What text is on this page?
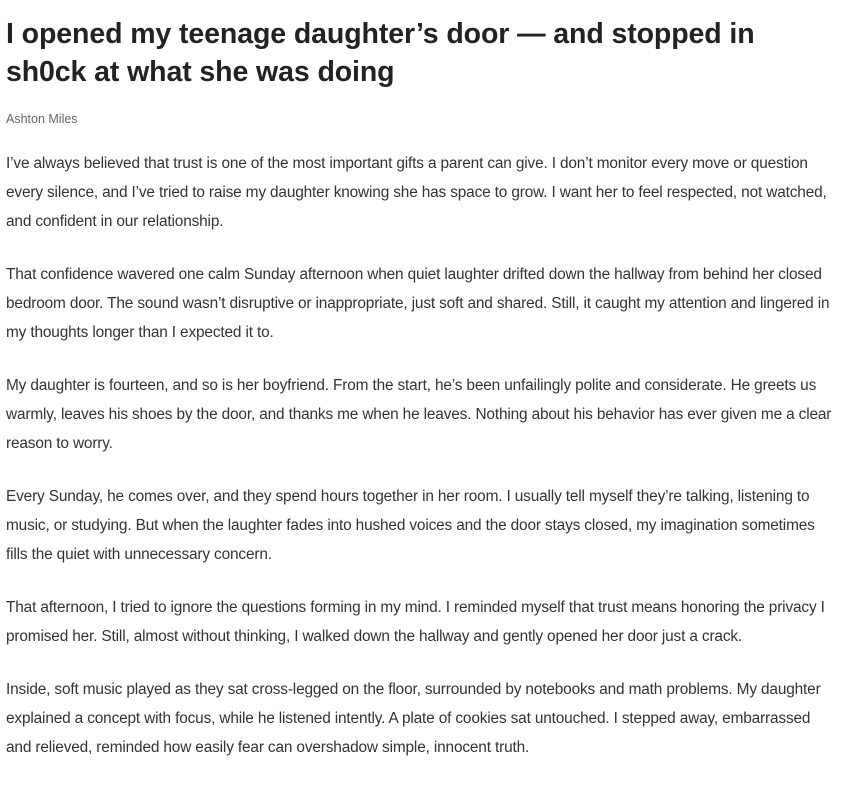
I opened my teenage daughter’s door — and stopped in sh0ck at what she was doing
Ashton Miles

I’ve always believed that trust is one of the most important gifts a parent can give. I don’t monitor every move or question every silence, and I’ve tried to raise my daughter knowing she has space to grow. I want her to feel respected, not watched, and confident in our relationship.

That confidence wavered one calm Sunday afternoon when quiet laughter drifted down the hallway from behind her closed bedroom door. The sound wasn’t disruptive or inappropriate, just soft and shared. Still, it caught my attention and lingered in my thoughts longer than I expected it to.

My daughter is fourteen, and so is her boyfriend. From the start, he’s been unfailingly polite and considerate. He greets us warmly, leaves his shoes by the door, and thanks me when he leaves. Nothing about his behavior has ever given me a clear reason to worry.

Every Sunday, he comes over, and they spend hours together in her room. I usually tell myself they’re talking, listening to music, or studying. But when the laughter fades into hushed voices and the door stays closed, my imagination sometimes fills the quiet with unnecessary concern.

That afternoon, I tried to ignore the questions forming in my mind. I reminded myself that trust means honoring the privacy I promised her. Still, almost without thinking, I walked down the hallway and gently opened her door just a crack.

Inside, soft music played as they sat cross-legged on the floor, surrounded by notebooks and math problems. My daughter explained a concept with focus, while he listened intently. A plate of cookies sat untouched. I stepped away, embarrassed and relieved, reminded how easily fear can overshadow simple, innocent truth.
